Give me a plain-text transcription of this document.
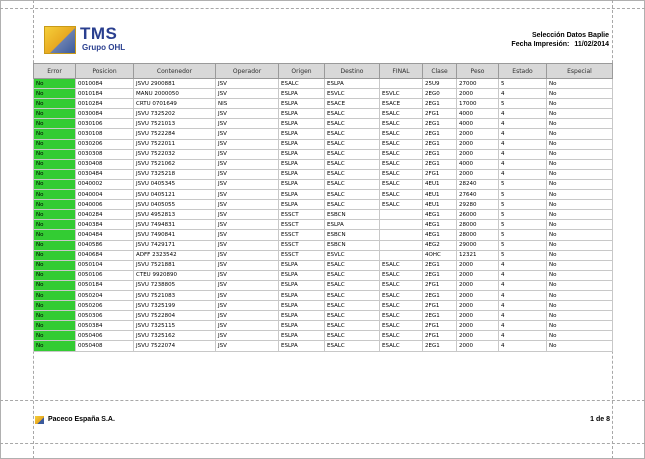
TMS
Grupo OHL
Selección Datos Baplie
Fecha Impresión: 11/02/2014
Error	Posicion	Contenedor	Operador	Origen	Destino	FINAL	Clase	Peso	Estado	Especial
No	0010084	JSVU 2900881	JSV	ESALC	ESLPA		25U9	27000	5	No
No	0010184	MANU 2000050	JSV	ESLPA	ESVLC	ESVLC	2EG0	2000	4	No
No	0010284	CRTU 0701649	NIS	ESLPA	ESACE	ESACE	2EG1	17000	5	No
No	0030084	JSVU 7325202	JSV	ESLPA	ESALC	ESALC	2FG1	4000	4	No
No	0030106	JSVU 7521013	JSV	ESLPA	ESALC	ESALC	2EG1	4000	4	No
No	0030108	JSVU 7522284	JSV	ESLPA	ESALC	ESALC	2EG1	2000	4	No
No	0030206	JSVU 7522011	JSV	ESLPA	ESALC	ESALC	2EG1	2000	4	No
No	0030308	JSVU 7522032	JSV	ESLPA	ESALC	ESALC	2EG1	2000	4	No
No	0030408	JSVU 7521062	JSV	ESLPA	ESALC	ESALC	2EG1	4000	4	No
No	0030484	JSVU 7325218	JSV	ESLPA	ESALC	ESALC	2FG1	2000	4	No
No	0040002	JSVU 0405345	JSV	ESLPA	ESALC	ESALC	4EU1	28240	5	No
No	0040004	JSVU 0405121	JSV	ESLPA	ESALC	ESALC	4EU1	27640	5	No
No	0040006	JSVU 0405055	JSV	ESLPA	ESALC	ESALC	4EU1	29280	5	No
No	0040284	JSVU 4952813	JSV	ESSCT	ESBCN		4EG1	26000	5	No
No	0040384	JSVU 7494831	JSV	ESSCT	ESLPA		4EG1	28000	5	No
No	0040484	JSVU 7490841	JSV	ESSCT	ESBCN		4EG1	28000	5	No
No	0040586	JSVU 7429171	JSV	ESSCT	ESBCN		4EG2	29000	5	No
No	0040684	ADFF 2323542	JSV	ESSCT	ESVLC		4OHC	12321	5	No
No	0050104	JSVU 7521881	JSV	ESLPA	ESALC	ESALC	2EG1	2000	4	No
No	0050106	CTEU 9920890	JSV	ESLPA	ESALC	ESALC	2EG1	2000	4	No
No	0050184	JSVU 7238805	JSV	ESLPA	ESALC	ESALC	2FG1	2000	4	No
No	0050204	JSVU 7521083	JSV	ESLPA	ESALC	ESALC	2EG1	2000	4	No
No	0050206	JSVU 7325199	JSV	ESLPA	ESALC	ESALC	2FG1	2000	4	No
No	0050306	JSVU 7522804	JSV	ESLPA	ESALC	ESALC	2EG1	2000	4	No
No	0050384	JSVU 7325115	JSV	ESLPA	ESALC	ESALC	2FG1	2000	4	No
No	0050406	JSVU 7325162	JSV	ESLPA	ESALC	ESALC	2FG1	2000	4	No
No	0050408	JSVU 7522074	JSV	ESLPA	ESALC	ESALC	2EG1	2000	4	No
Paceco España S.A.	1 de 8
